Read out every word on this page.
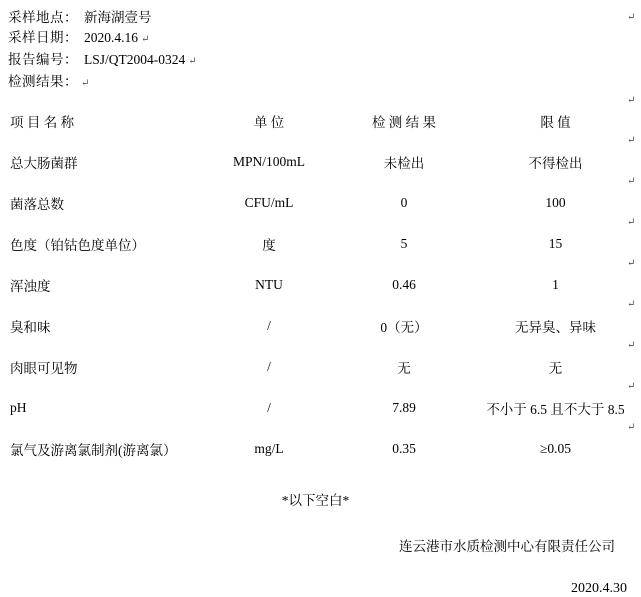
采样地点： 新海湖壹号
采样日期： 2020.4.16 ↵
报告编号： LSJ/QT2004-0324 ↵
检测结果： ↵
项 目 名 称	单 位	检 测 结 果	限 值
总大肠菌群	MPN/100mL	未检出	不得检出
菌落总数	CFU/mL	0	100
色度（铂钴色度单位）	度	5	15
浑浊度	NTU	0.46	1
臭和味	/	0（无）	无异臭、异味
肉眼可见物	/	无	无
pH	/	7.89	不小于 6.5 且不大于 8.5
氯气及游离氯制剂(游离氯）	mg/L	0.35	≥0.05
*以下空白*
连云港市水质检测中心有限责任公司
2020.4.30
↵
↵
↵
↵
↵
↵
↵
↵
↵
↵
